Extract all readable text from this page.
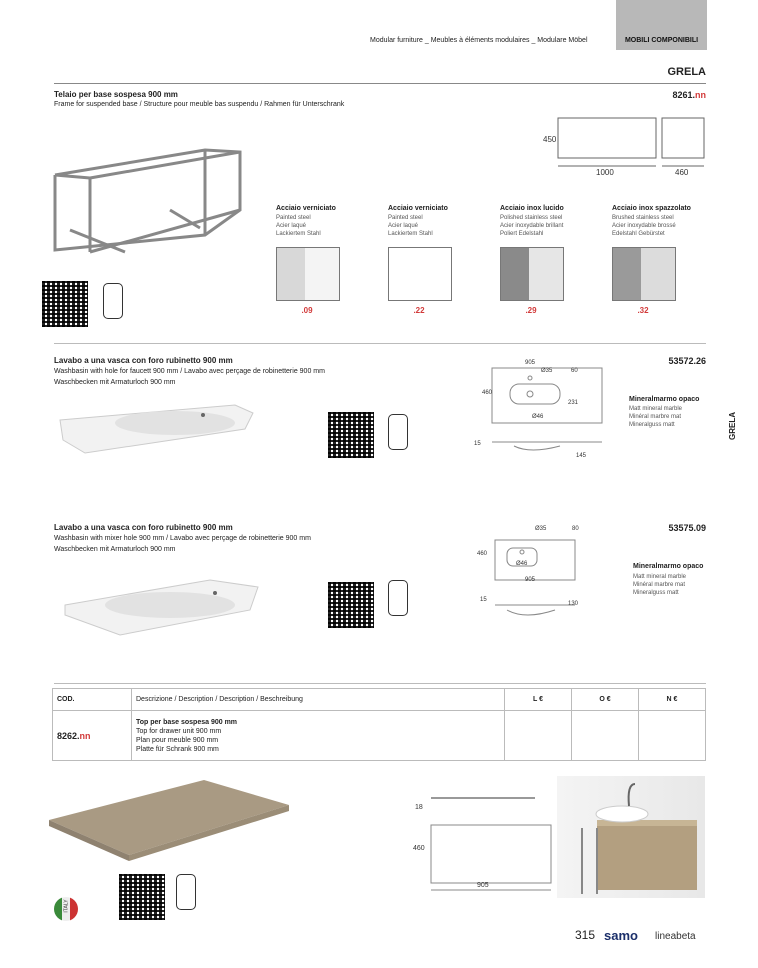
Modular furniture _ Meubles à éléments modulaires _ Modulare Möbel	MOBILI COMPONIBILI
GRELA
GRELA
Telaio per base sospesa 900 mm
Frame for suspended base / Structure pour meuble bas suspendu / Rahmen für Unterschrank
8261.nn
450
1000	460
Acciaio verniciato
Painted steel
Acier laqué
Lackiertem Stahl
.09
Acciaio verniciato
Painted steel
Acier laqué
Lackiertem Stahl
.22
Acciaio inox lucido
Polished stainless steel
Acier inoxydable brillant
Poliert Edelstahl
.29
Acciaio inox spazzolato
Brushed stainless steel
Acier inoxydable brossé
Edelstahl Gebürstet
.32
Lavabo a una vasca con foro rubinetto 900 mm
Washbasin with hole for faucett 900 mm / Lavabo avec perçage de robinetterie 900 mm
Waschbecken mit Armaturloch 900 mm
53572.26
Mineralmarmo opaco
Matt mineral marble
Minéral marbre mat
Mineralguss matt
905
Ø35	60
460
Ø46
231
15
145
Lavabo a una vasca con foro rubinetto 900 mm
Washbasin with mixer hole 900 mm / Lavabo avec perçage de robinetterie 900 mm
Waschbecken mit Armaturloch 900 mm
53575.09
Mineralmarmo opaco
Matt mineral marble
Minéral marbre mat
Mineralguss matt
Ø35	80
460
Ø46
905
15
130
COD.	Descrizione / Description / Description / Beschreibung	L €	O €	N €
8262.nn	Top per base sospesa 900 mm
Top for drawer unit 900 mm
Plan pour meuble 900 mm
Platte für Schrank 900 mm			

18
460
905
ITALY
315 samo lineabeta
